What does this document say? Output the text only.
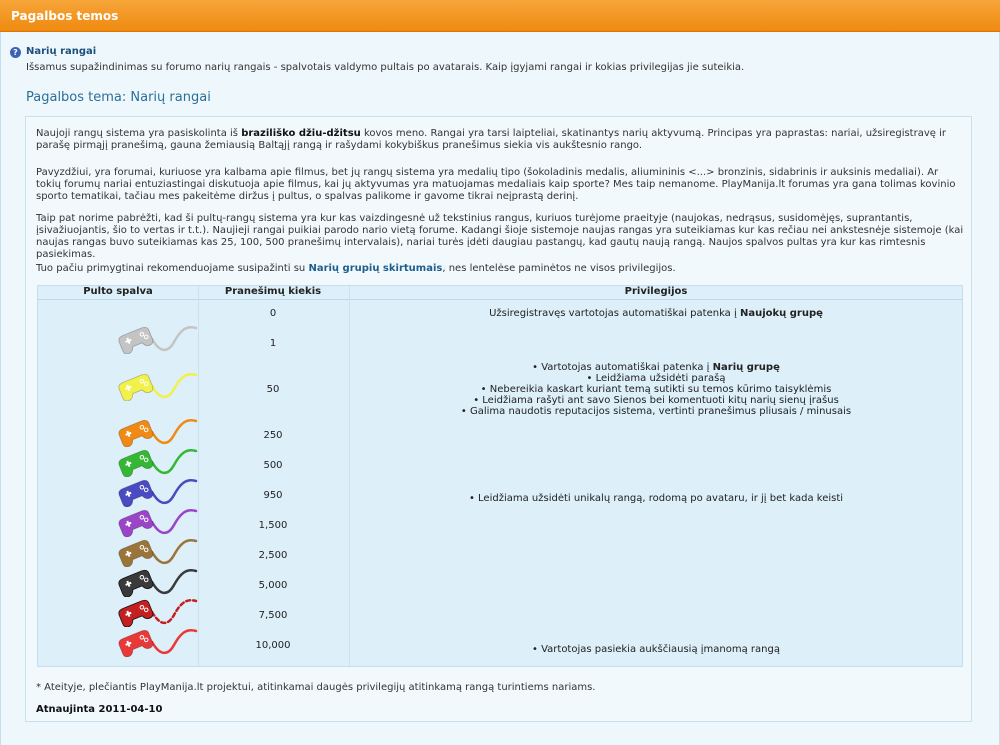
Pagalbos temos
? Narių rangai
Išsamus supažindinimas su forumo narių rangais - spalvotais valdymo pultais po avatarais. Kaip įgyjami rangai ir kokias privilegijas jie suteikia.
Pagalbos tema: Narių rangai
Naujoji rangų sistema yra pasiskolinta iš braziliško džiu-džitsu kovos meno. Rangai yra tarsi laipteliai, skatinantys narių aktyvumą. Principas yra paprastas: nariai, užsiregistravę ir parašę pirmąjį pranešimą, gauna žemiausią Baltąjį rangą ir rašydami kokybiškus pranešimus siekia vis aukštesnio rango.
Pavyzdžiui, yra forumai, kuriuose yra kalbama apie filmus, bet jų rangų sistema yra medalių tipo (šokoladinis medalis, aliumininis <...> bronzinis, sidabrinis ir auksinis medaliai). Ar tokių forumų nariai entuziastingai diskutuoja apie filmus, kai jų aktyvumas yra matuojamas medaliais kaip sporte? Mes taip nemanome. PlayManija.lt forumas yra gana tolimas kovinio sporto tematikai, tačiau mes pakeitėme diržus į pultus, o spalvas palikome ir gavome tikrai neįprastą derinį.
Taip pat norime pabrėžti, kad ši pultų-rangų sistema yra kur kas vaizdingesnė už tekstinius rangus, kuriuos turėjome praeityje (naujokas, nedrąsus, susidomėjęs, suprantantis, įsivažiuojantis, šio to vertas ir t.t.). Naujieji rangai puikiai parodo nario vietą forume. Kadangi šioje sistemoje naujas rangas yra suteikiamas kur kas rečiau nei ankstesnėje sistemoje (kai naujas rangas buvo suteikiamas kas 25, 100, 500 pranešimų intervalais), nariai turės įdėti daugiau pastangų, kad gautų naują rangą. Naujos spalvos pultas yra kur kas rimtesnis pasiekimas.
Tuo pačiu primygtinai rekomenduojame susipažinti su Narių grupių skirtumais, nes lentelėse paminėtos ne visos privilegijos.
Pulto spalva	Pranešimų kiekis	Privilegijos
0
1
50
250
500
950
1,500
2,500
5,000
7,500
10,000
Užsiregistravęs vartotojas automatiškai patenka į Naujokų grupę
• Vartotojas automatiškai patenka į Narių grupę
• Leidžiama užsidėti parašą
• Nebereikia kaskart kuriant temą sutikti su temos kūrimo taisyklėmis
• Leidžiama rašyti ant savo Sienos bei komentuoti kitų narių sienų įrašus
• Galima naudotis reputacijos sistema, vertinti pranešimus pliusais / minusais
• Leidžiama užsidėti unikalų rangą, rodomą po avataru, ir jį bet kada keisti
• Vartotojas pasiekia aukščiausią įmanomą rangą
* Ateityje, plečiantis PlayManija.lt projektui, atitinkamai daugės privilegijų atitinkamą rangą turintiems nariams.
Atnaujinta 2011-04-10
